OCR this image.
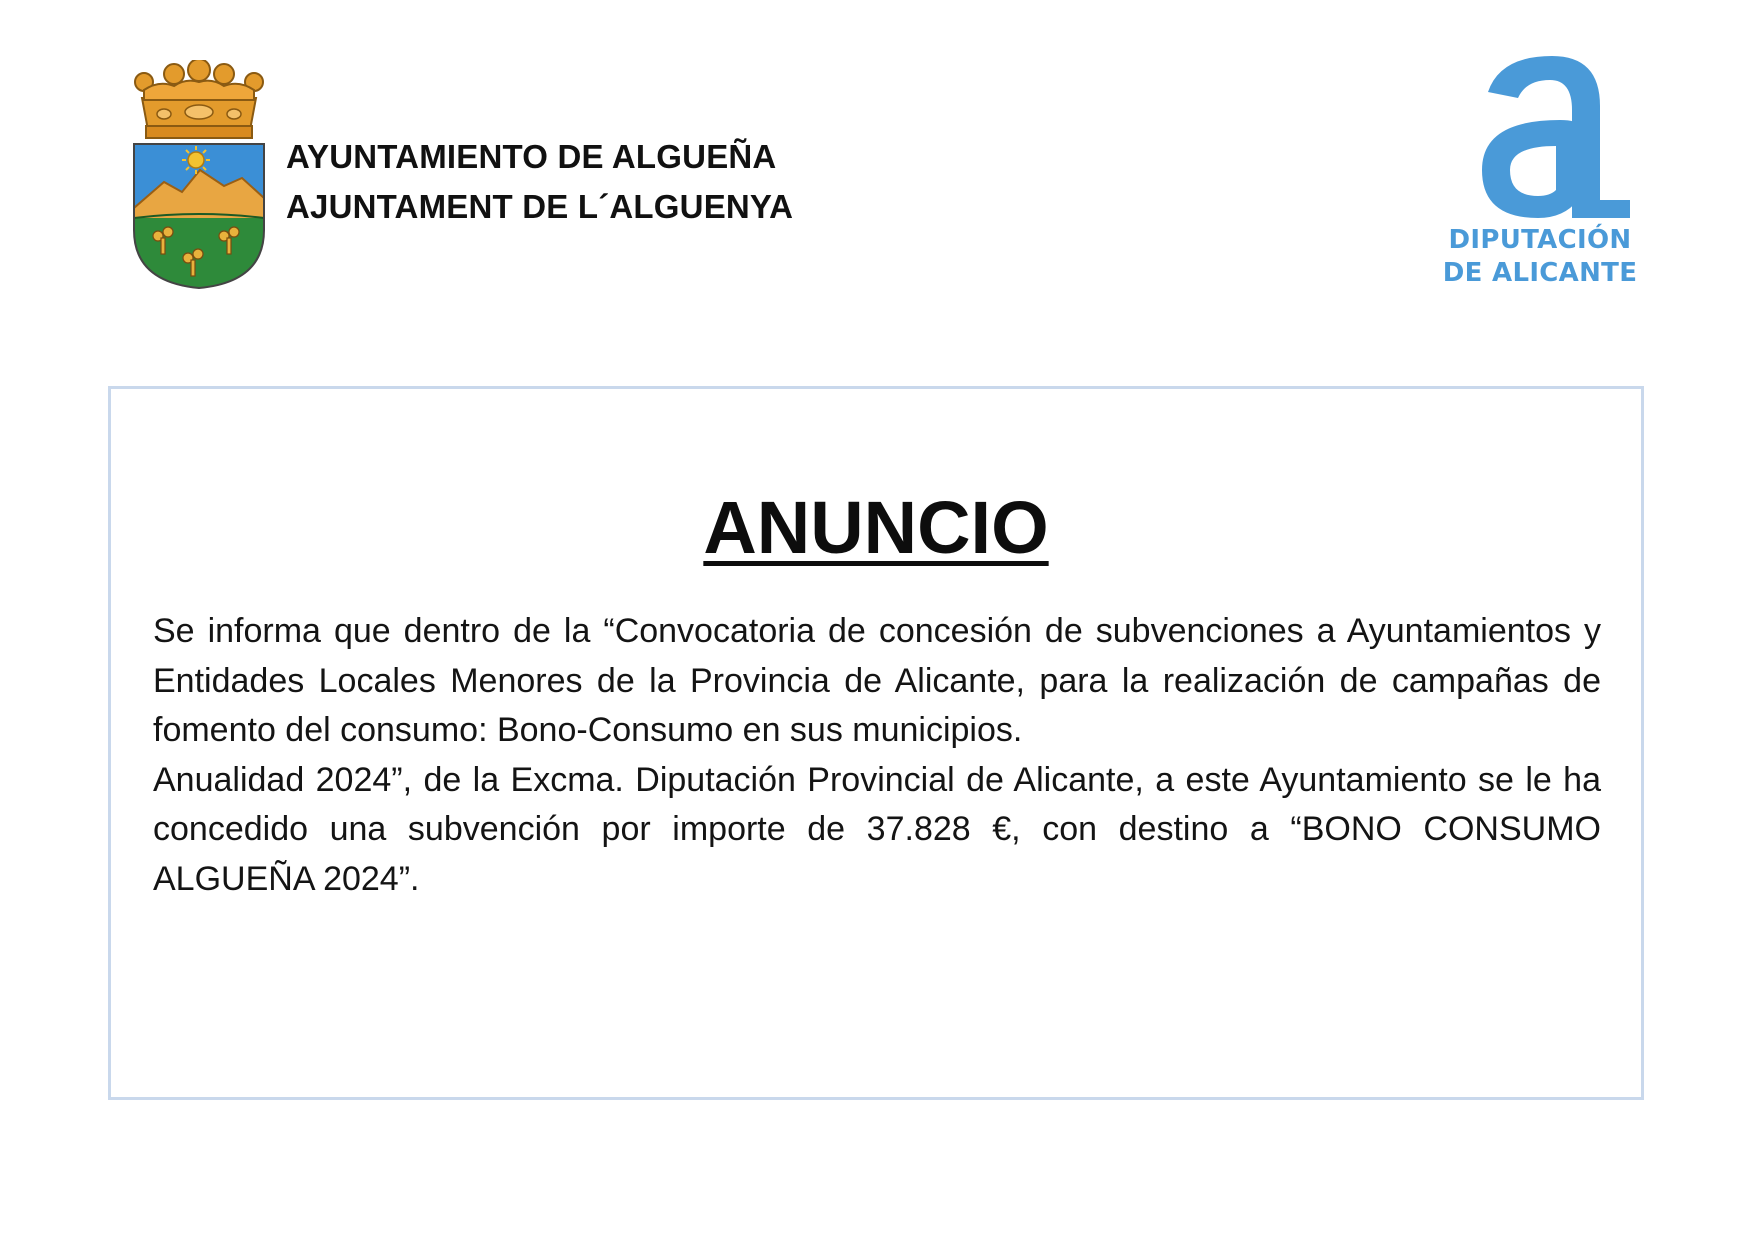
AYUNTAMIENTO DE ALGUEÑA
AJUNTAMENT DE L´ALGUENYA
DIPUTACIÓN
DE ALICANTE
ANUNCIO

Se informa que dentro de la “Convocatoria de concesión de subvenciones a Ayuntamientos y Entidades Locales Menores de la Provincia de Alicante, para la realización de campañas de fomento del consumo: Bono-Consumo en sus municipios.

Anualidad 2024”, de la Excma. Diputación Provincial de Alicante, a este Ayuntamiento se le ha concedido una subvención por importe de 37.828 €, con destino a “BONO CONSUMO ALGUEÑA 2024”.
